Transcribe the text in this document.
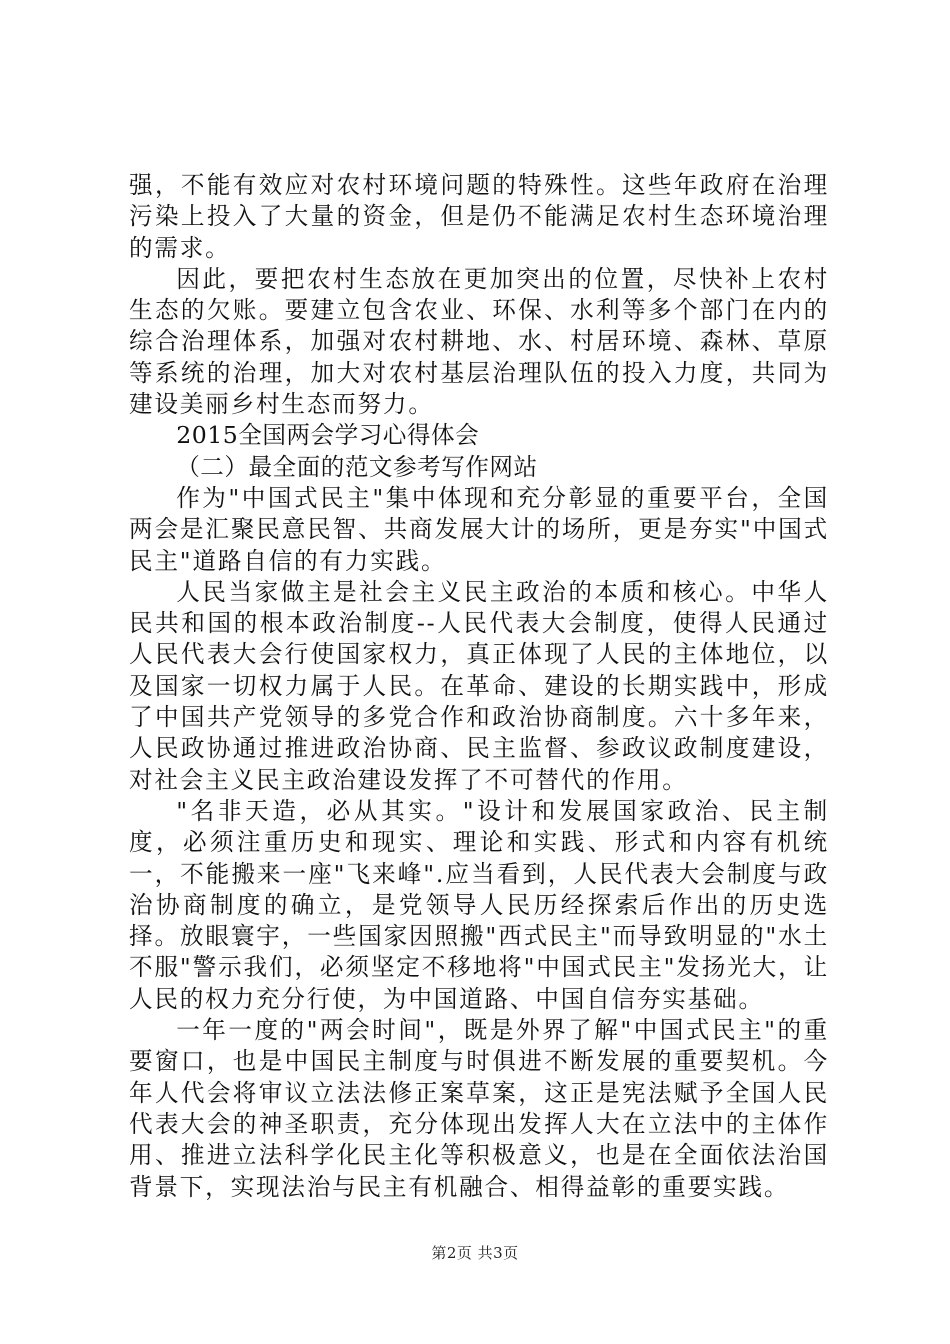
强，不能有效应对农村环境问题的特殊性。这些年政府在治理污染上投入了大量的资金，但是仍不能满足农村生态环境治理的需求。

因此，要把农村生态放在更加突出的位置，尽快补上农村生态的欠账。要建立包含农业、环保、水利等多个部门在内的综合治理体系，加强对农村耕地、水、村居环境、森林、草原等系统的治理，加大对农村基层治理队伍的投入力度，共同为建设美丽乡村生态而努力。

2015全国两会学习心得体会

（二）最全面的范文参考写作网站

作为"中国式民主"集中体现和充分彰显的重要平台，全国两会是汇聚民意民智、共商发展大计的场所，更是夯实"中国式民主"道路自信的有力实践。

人民当家做主是社会主义民主政治的本质和核心。中华人民共和国的根本政治制度--人民代表大会制度，使得人民通过人民代表大会行使国家权力，真正体现了人民的主体地位，以及国家一切权力属于人民。在革命、建设的长期实践中，形成了中国共产党领导的多党合作和政治协商制度。六十多年来，人民政协通过推进政治协商、民主监督、参政议政制度建设，对社会主义民主政治建设发挥了不可替代的作用。

"名非天造，必从其实。"设计和发展国家政治、民主制度，必须注重历史和现实、理论和实践、形式和内容有机统一，不能搬来一座"飞来峰".应当看到，人民代表大会制度与政治协商制度的确立，是党领导人民历经探索后作出的历史选择。放眼寰宇，一些国家因照搬"西式民主"而导致明显的"水土不服"警示我们，必须坚定不移地将"中国式民主"发扬光大，让人民的权力充分行使，为中国道路、中国自信夯实基础。

一年一度的"两会时间"，既是外界了解"中国式民主"的重要窗口，也是中国民主制度与时俱进不断发展的重要契机。今年人代会将审议立法法修正案草案，这正是宪法赋予全国人民代表大会的神圣职责，充分体现出发挥人大在立法中的主体作用、推进立法科学化民主化等积极意义，也是在全面依法治国背景下，实现法治与民主有机融合、相得益彰的重要实践。

第2页 共3页
